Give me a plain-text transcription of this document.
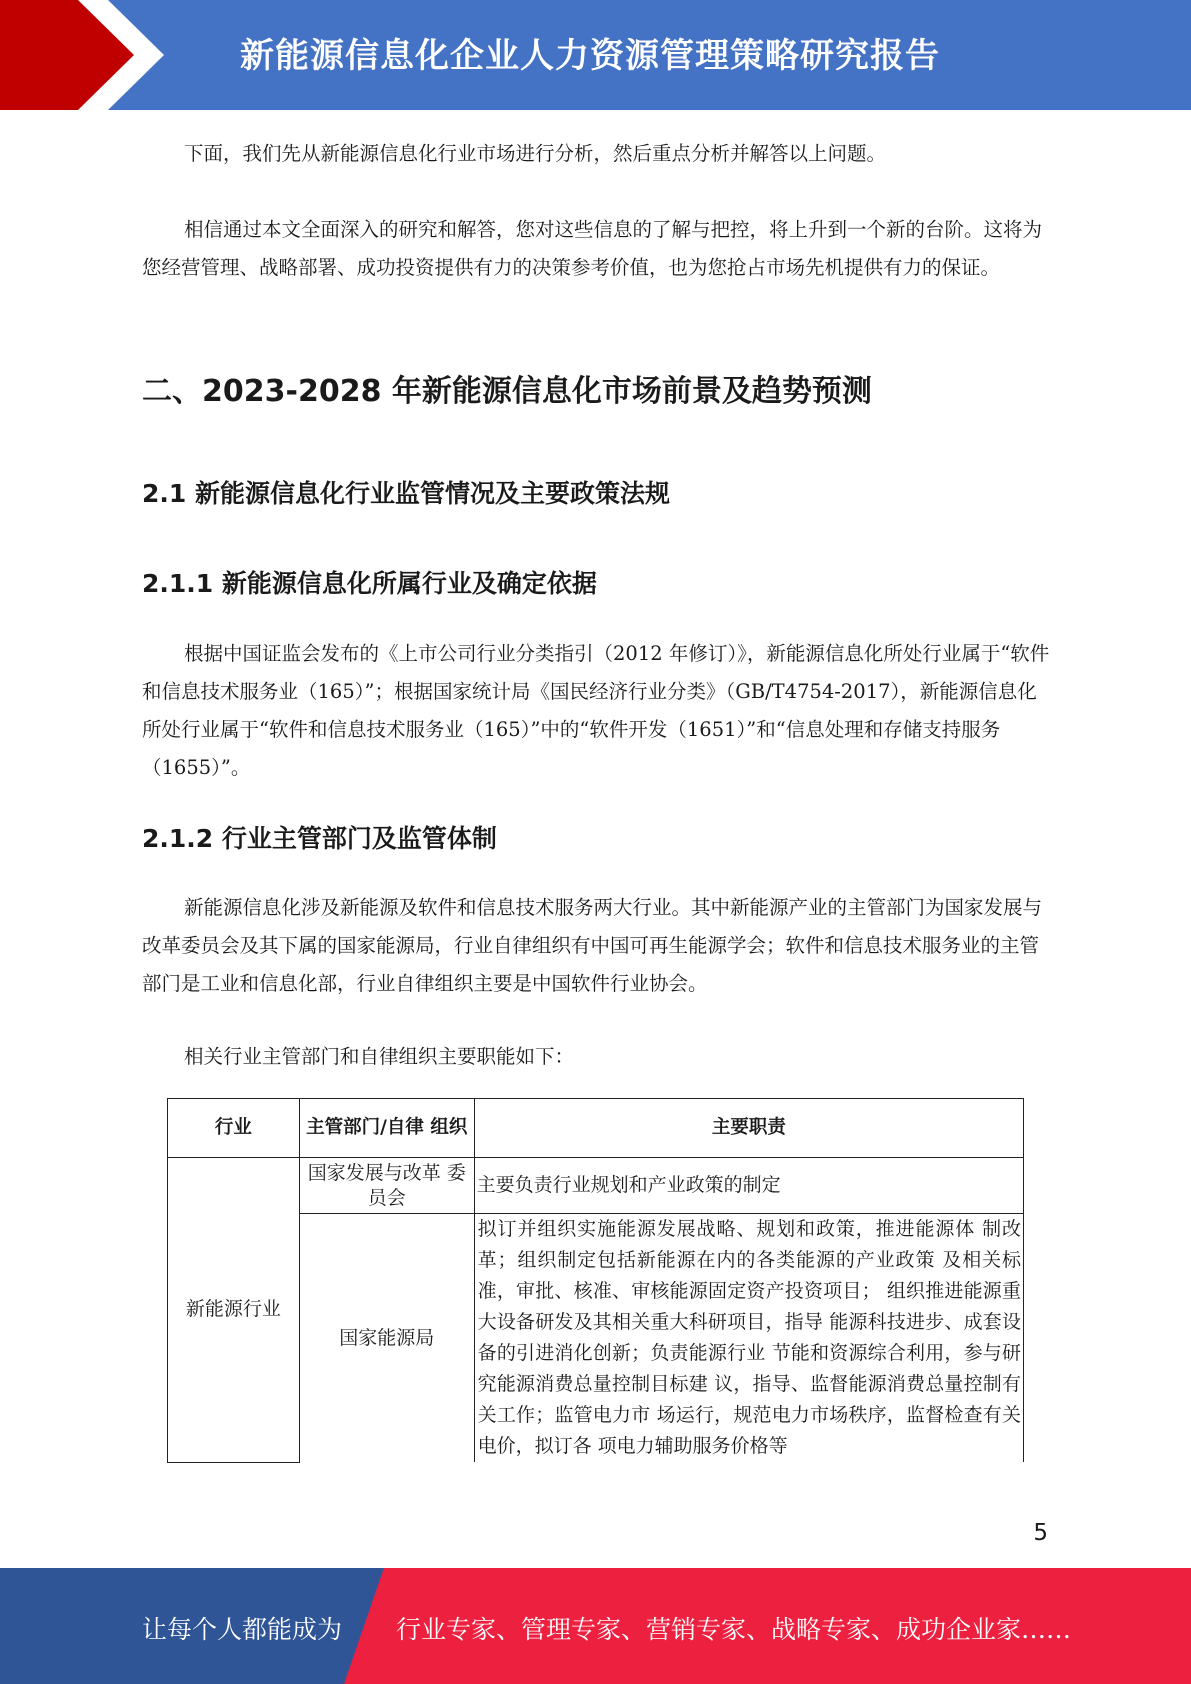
新能源信息化企业人力资源管理策略研究报告

下面，我们先从新能源信息化行业市场进行分析，然后重点分析并解答以上问题。

相信通过本文全面深入的研究和解答，您对这些信息的了解与把控，将上升到一个新的台阶。这将为您经营管理、战略部署、成功投资提供有力的决策参考价值，也为您抢占市场先机提供有力的保证。

二、2023-2028 年新能源信息化市场前景及趋势预测
2.1 新能源信息化行业监管情况及主要政策法规
2.1.1 新能源信息化所属行业及确定依据

根据中国证监会发布的《上市公司行业分类指引（2012 年修订）》，新能源信息化所处行业属于“软件和信息技术服务业（165）”；根据国家统计局《国民经济行业分类》（GB/T4754-2017），新能源信息化所处行业属于“软件和信息技术服务业（165）”中的“软件开发（1651）”和“信息处理和存储支持服务（1655）”。

2.1.2 行业主管部门及监管体制

新能源信息化涉及新能源及软件和信息技术服务两大行业。其中新能源产业的主管部门为国家发展与改革委员会及其下属的国家能源局，行业自律组织有中国可再生能源学会；软件和信息技术服务业的主管部门是工业和信息化部，行业自律组织主要是中国软件行业协会。

相关行业主管部门和自律组织主要职能如下：

行业	主管部门/自律 组织	主要职责
新能源行业	国家发展与改革 委员会	主要负责行业规划和产业政策的制定
	国家能源局	拟订并组织实施能源发展战略、规划和政策，推进能源体 制改革；组织制定包括新能源在内的各类能源的产业政策 及相关标准，审批、核准、审核能源固定资产投资项目； 组织推进能源重大设备研发及其相关重大科研项目，指导 能源科技进步、成套设备的引进消化创新；负责能源行业 节能和资源综合利用，参与研究能源消费总量控制目标建 议，指导、监督能源消费总量控制有关工作；监管电力市 场运行，规范电力市场秩序，监督检查有关电价，拟订各 项电力辅助服务价格等
5
让每个人都能成为 行业专家、管理专家、营销专家、战略专家、成功企业家……
